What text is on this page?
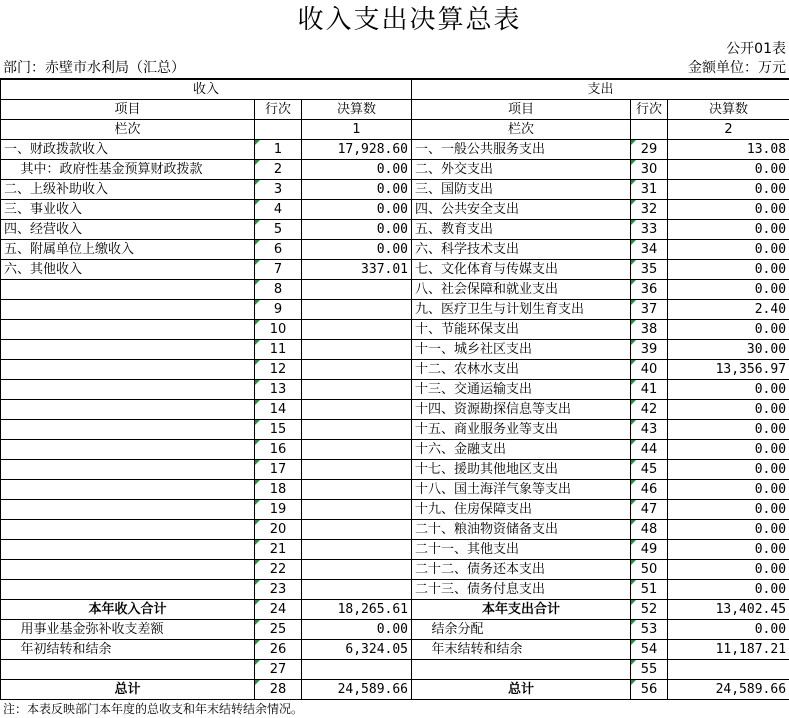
收入支出决算总表
公开01表
部门：赤壁市水利局（汇总）	金额单位：万元
收入			支出		
项目	行次	决算数	项目	行次	决算数
栏次		1	栏次		2
一、财政拨款收入	1	17,928.60	一、一般公共服务支出	29	13.08
其中：政府性基金预算财政拨款	2	0.00	二、外交支出	30	0.00
二、上级补助收入	3	0.00	三、国防支出	31	0.00
三、事业收入	4	0.00	四、公共安全支出	32	0.00
四、经营收入	5	0.00	五、教育支出	33	0.00
五、附属单位上缴收入	6	0.00	六、科学技术支出	34	0.00
六、其他收入	7	337.01	七、文化体育与传媒支出	35	0.00
	8		八、社会保障和就业支出	36	0.00
	9		九、医疗卫生与计划生育支出	37	2.40
	10		十、节能环保支出	38	0.00
	11		十一、城乡社区支出	39	30.00
	12		十二、农林水支出	40	13,356.97
	13		十三、交通运输支出	41	0.00
	14		十四、资源勘探信息等支出	42	0.00
	15		十五、商业服务业等支出	43	0.00
	16		十六、金融支出	44	0.00
	17		十七、援助其他地区支出	45	0.00
	18		十八、国土海洋气象等支出	46	0.00
	19		十九、住房保障支出	47	0.00
	20		二十、粮油物资储备支出	48	0.00
	21		二十一、其他支出	49	0.00
	22		二十二、债务还本支出	50	0.00
	23		二十三、债务付息支出	51	0.00
本年收入合计	24	18,265.61	本年支出合计	52	13,402.45
用事业基金弥补收支差额	25	0.00	结余分配	53	0.00
年初结转和结余	26	6,324.05	年末结转和结余	54	11,187.21
	27			55	
总计	28	24,589.66	总计	56	24,589.66
注：本表反映部门本年度的总收支和年末结转结余情况。
